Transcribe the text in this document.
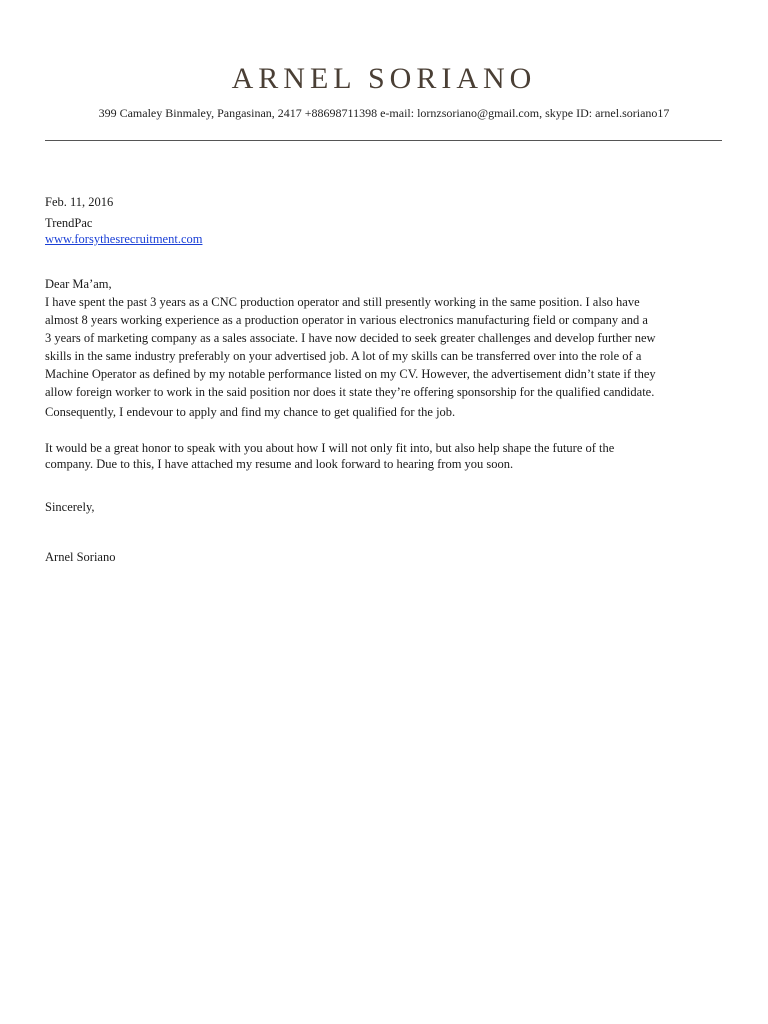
ARNEL SORIANO
399 Camaley Binmaley, Pangasinan, 2417 +88698711398 e-mail: lornzsoriano@gmail.com, skype ID: arnel.soriano17
Feb. 11, 2016
TrendPac
www.forsythesrecruitment.com
Dear Ma’am,
I have spent the past 3 years as a CNC production operator and still presently working in the same position. I also have
almost 8 years working experience as a production operator in various electronics manufacturing field or company and a
3 years of marketing company as a sales associate. I have now decided to seek greater challenges and develop further new
skills in the same industry preferably on your advertised job. A lot of my skills can be transferred over into the role of a
Machine Operator as defined by my notable performance listed on my CV. However, the advertisement didn’t state if they
allow foreign worker to work in the said position nor does it state they’re offering sponsorship for the qualified candidate.
Consequently, I endevour to apply and find my chance to get qualified for the job.
It would be a great honor to speak with you about how I will not only fit into, but also help shape the future of the
company. Due to this, I have attached my resume and look forward to hearing from you soon.
Sincerely,
Arnel Soriano
